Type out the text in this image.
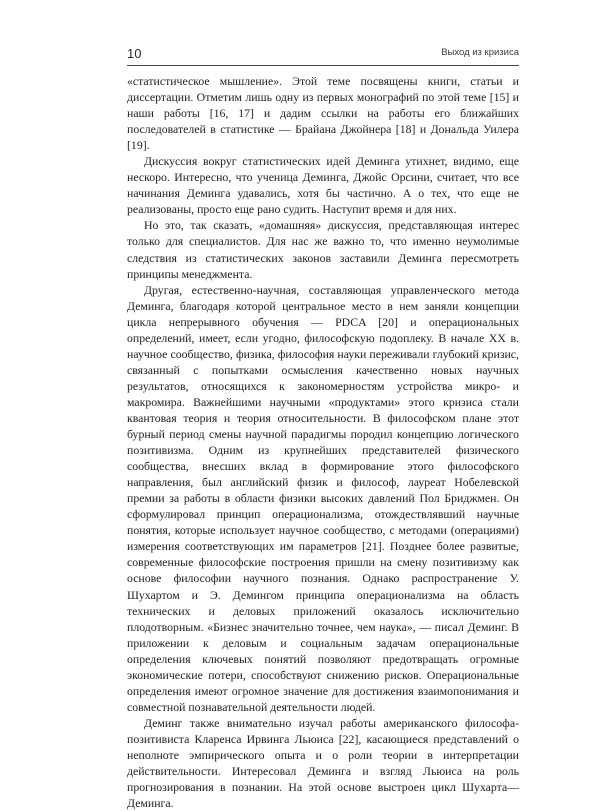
10	Выход из кризиса

«статистическое мышление». Этой теме посвящены книги, статьи и диссертации. Отметим лишь одну из первых монографий по этой теме [15] и наши работы [16, 17] и дадим ссылки на работы его ближайших последователей в статистике — Брайана Джойнера [18] и Дональда Уилера [19].

Дискуссия вокруг статистических идей Деминга утихнет, видимо, еще нескоро. Интересно, что ученица Деминга, Джойс Орсини, считает, что все начинания Деминга удавались, хотя бы частично. А о тех, что еще не реализованы, просто еще рано судить. Наступит время и для них.

Но это, так сказать, «домашняя» дискуссия, представляющая интерес только для специалистов. Для нас же важно то, что именно неумолимые следствия из статистических законов заставили Деминга пересмотреть принципы менеджмента.

Другая, естественно-научная, составляющая управленческого метода Деминга, благодаря которой центральное место в нем заняли концепции цикла непрерывного обучения — PDCA [20] и операциональных определений, имеет, если угодно, философскую подоплеку. В начале XX в. научное сообщество, физика, философия науки переживали глубокий кризис, связанный с попытками осмысления качественно новых научных результатов, относящихся к закономерностям устройства микро- и макромира. Важнейшими научными «продуктами» этого кризиса стали квантовая теория и теория относительности. В философском плане этот бурный период смены научной парадигмы породил концепцию логического позитивизма. Одним из крупнейших представителей физического сообщества, внесших вклад в формирование этого философского направления, был английский физик и философ, лауреат Нобелевской премии за работы в области физики высоких давлений Пол Бриджмен. Он сформулировал принцип операционализма, отождествлявший научные понятия, которые использует научное сообщество, с методами (операциями) измерения соответствующих им параметров [21]. Позднее более развитые, современные философские построения пришли на смену позитивизму как основе философии научного познания. Однако распространение У. Шухартом и Э. Демингом принципа операционализма на область технических и деловых приложений оказалось исключительно плодотворным. «Бизнес значительно точнее, чем наука», — писал Деминг. В приложении к деловым и социальным задачам операциональные определения ключевых понятий позволяют предотвращать огромные экономические потери, способствуют снижению рисков. Операциональные определения имеют огромное значение для достижения взаимопонимания и совместной познавательной деятельности людей.

Деминг также внимательно изучал работы американского философа-позитивиста Кларенса Ирвинга Льюиса [22], касающиеся представлений о неполноте эмпирического опыта и о роли теории в интерпретации действительности. Интересовал Деминга и взгляд Льюиса на роль прогнозирования в познании. На этой основе выстроен цикл Шухарта—Деминга.
